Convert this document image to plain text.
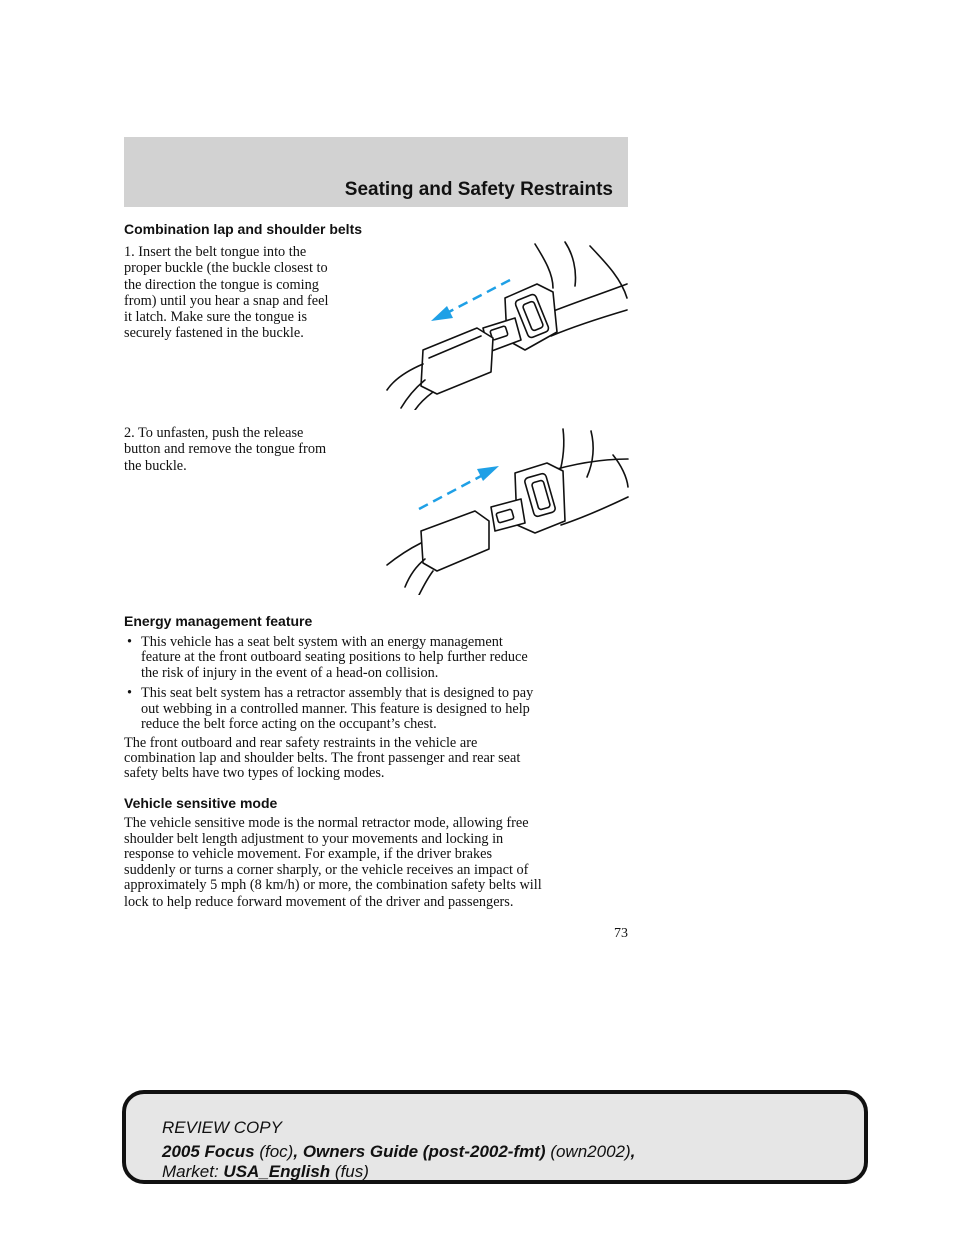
Seating and Safety Restraints
Combination lap and shoulder belts
1. Insert the belt tongue into the
proper buckle (the buckle closest to
the direction the tongue is coming
from) until you hear a snap and feel
it latch. Make sure the tongue is
securely fastened in the buckle.
2. To unfasten, push the release
button and remove the tongue from
the buckle.
Energy management feature
• This vehicle has a seat belt system with an energy management
feature at the front outboard seating positions to help further reduce
the risk of injury in the event of a head-on collision.
• This seat belt system has a retractor assembly that is designed to pay
out webbing in a controlled manner. This feature is designed to help
reduce the belt force acting on the occupant’s chest.
The front outboard and rear safety restraints in the vehicle are
combination lap and shoulder belts. The front passenger and rear seat
safety belts have two types of locking modes.
Vehicle sensitive mode
The vehicle sensitive mode is the normal retractor mode, allowing free
shoulder belt length adjustment to your movements and locking in
response to vehicle movement. For example, if the driver brakes
suddenly or turns a corner sharply, or the vehicle receives an impact of
approximately 5 mph (8 km/h) or more, the combination safety belts will
lock to help reduce forward movement of the driver and passengers.
73
REVIEW COPY
2005 Focus (foc), Owners Guide (post-2002-fmt) (own2002),
Market: USA_English (fus)
